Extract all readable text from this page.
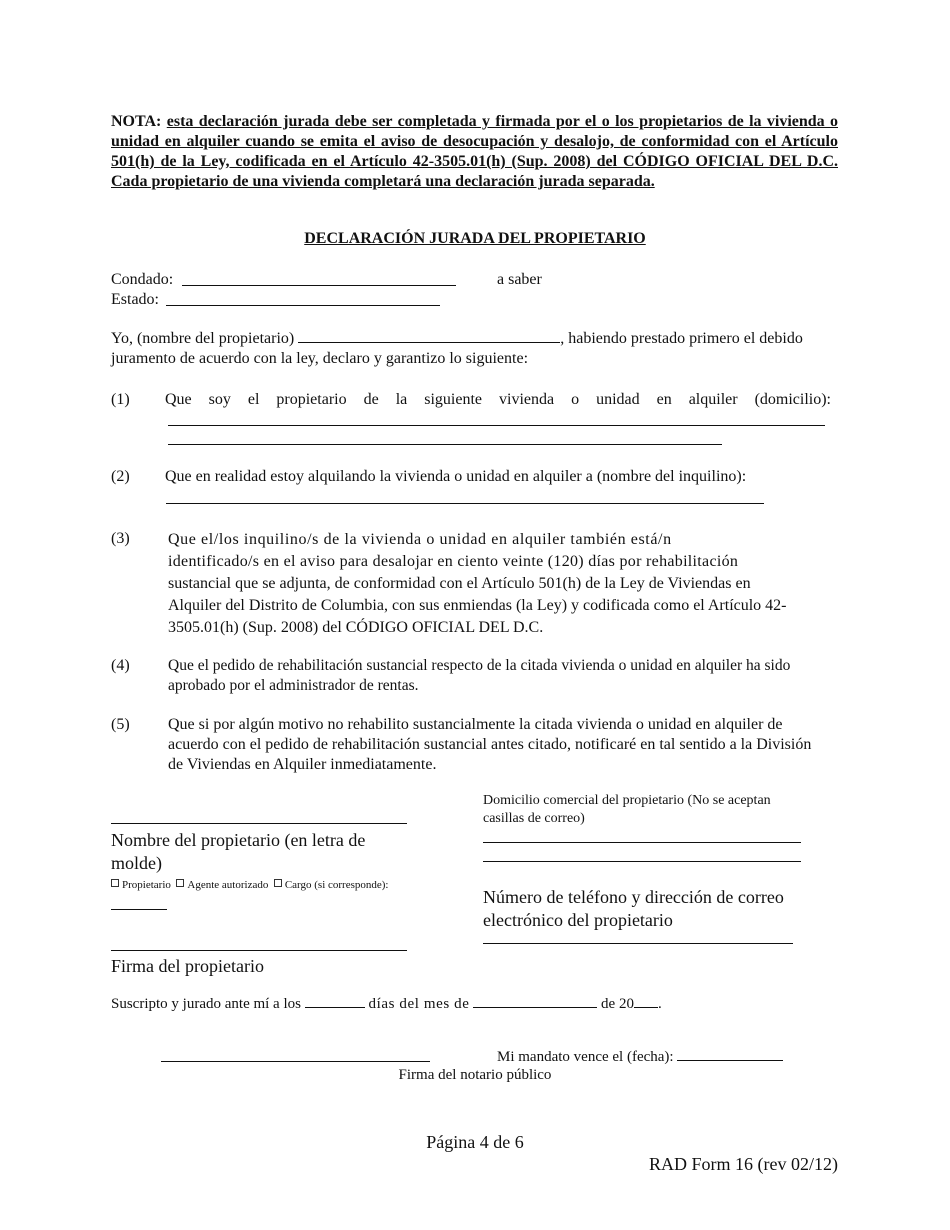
NOTA: esta declaración jurada debe ser completada y firmada por el o los propietarios de la vivienda o unidad en alquiler cuando se emita el aviso de desocupación y desalojo, de conformidad con el Artículo 501(h) de la Ley, codificada en el Artículo 42-3505.01(h) (Sup. 2008) del CÓDIGO OFICIAL DEL D.C. Cada propietario de una vivienda completará una declaración jurada separada.
DECLARACIÓN JURADA DEL PROPIETARIO
Condado:	a saber
Estado:
Yo, (nombre del propietario)	, habiendo prestado primero el debido
juramento de acuerdo con la ley, declaro y garantizo lo siguiente:
(1) Que soy el propietario de la siguiente vivienda o unidad en alquiler (domicilio):
(2) Que en realidad estoy alquilando la vivienda o unidad en alquiler a (nombre del inquilino):
(3) Que el/los inquilino/s de la vivienda o unidad en alquiler también está/n
identificado/s en el aviso para desalojar en ciento veinte (120) días por rehabilitación
sustancial que se adjunta, de conformidad con el Artículo 501(h) de la Ley de Viviendas en
Alquiler del Distrito de Columbia, con sus enmiendas (la Ley) y codificada como el Artículo 42-
3505.01(h) (Sup. 2008) del CÓDIGO OFICIAL DEL D.C.
(4) Que el pedido de rehabilitación sustancial respecto de la citada vivienda o unidad en alquiler ha sido
aprobado por el administrador de rentas.
(5) Que si por algún motivo no rehabilito sustancialmente la citada vivienda o unidad en alquiler de
acuerdo con el pedido de rehabilitación sustancial antes citado, notificaré en tal sentido a la División
de Viviendas en Alquiler inmediatamente.
Nombre del propietario (en letra de
molde)
Propietario Agente autorizado Cargo (si corresponde):
Firma del propietario
Domicilio comercial del propietario (No se aceptan
casillas de correo)
Número de teléfono y dirección de correo
electrónico del propietario
Suscripto y jurado ante mí a los	días del mes de	de 20 .
Mi mandato vence el (fecha):
Firma del notario público
Página 4 de 6
RAD Form 16 (rev 02/12)
